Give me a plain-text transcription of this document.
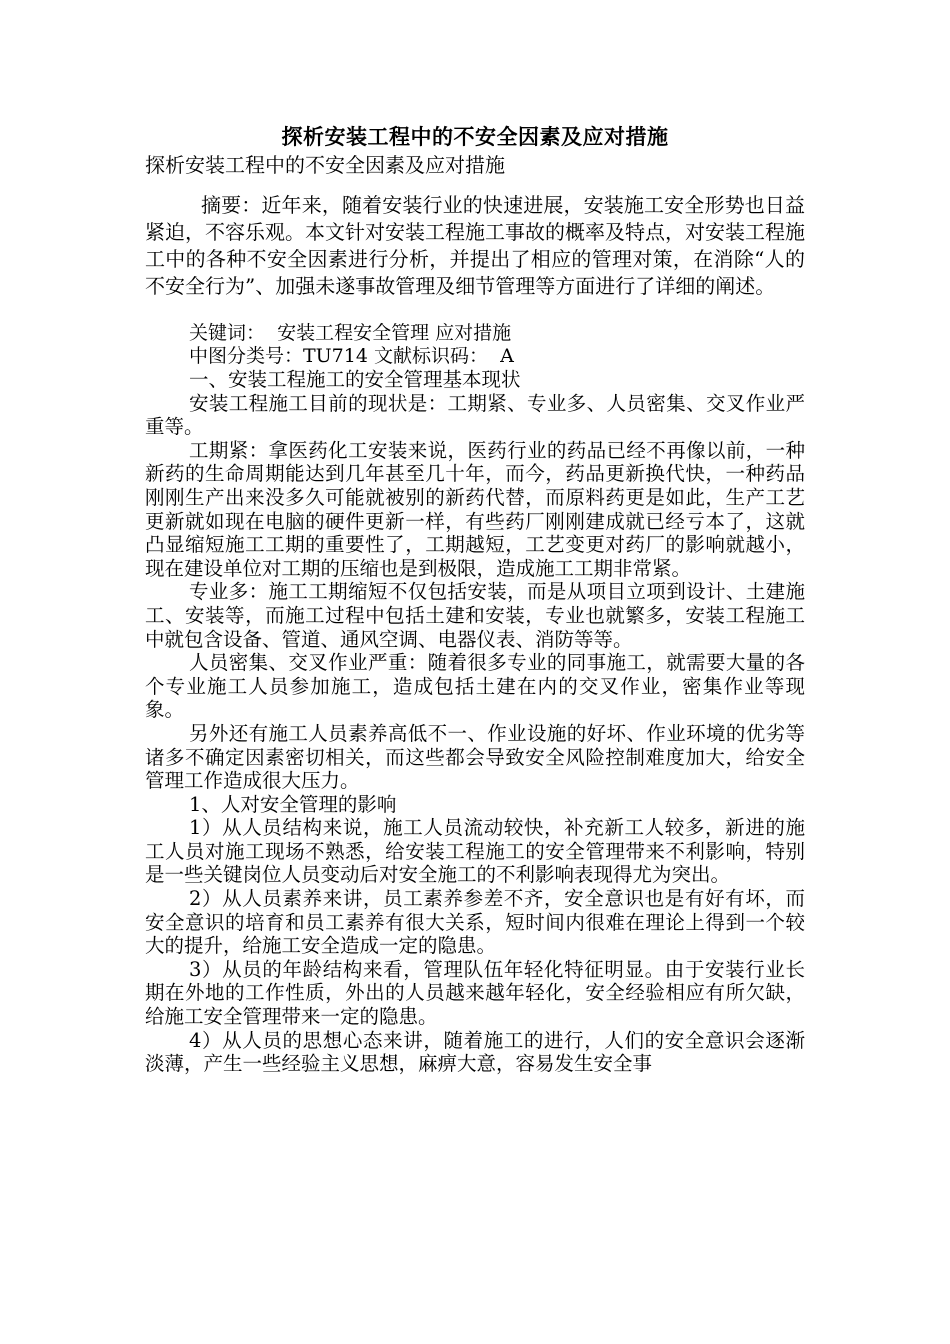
探析安装工程中的不安全因素及应对措施
探析安装工程中的不安全因素及应对措施

摘要：近年来，随着安装行业的快速进展，安装施工安全形势也日益紧迫，不容乐观。本文针对安装工程施工事故的概率及特点，对安装工程施工中的各种不安全因素进行分析，并提出了相应的管理对策，在消除“人的不安全行为”、加强未遂事故管理及细节管理等方面进行了详细的阐述。

关键词：  安装工程安全管理 应对措施
中图分类号：TU714 文献标识码：  A

一、安装工程施工的安全管理基本现状

安装工程施工目前的现状是：工期紧、专业多、人员密集、交叉作业严重等。

工期紧：拿医药化工安装来说，医药行业的药品已经不再像以前，一种新药的生命周期能达到几年甚至几十年，而今，药品更新换代快，一种药品刚刚生产出来没多久可能就被别的新药代替，而原料药更是如此，生产工艺更新就如现在电脑的硬件更新一样，有些药厂刚刚建成就已经亏本了，这就凸显缩短施工工期的重要性了，工期越短，工艺变更对药厂的影响就越小，现在建设单位对工期的压缩也是到极限，造成施工工期非常紧。

专业多：施工工期缩短不仅包括安装，而是从项目立项到设计、土建施工、安装等，而施工过程中包括土建和安装，专业也就繁多，安装工程施工中就包含设备、管道、通风空调、电器仪表、消防等等。

人员密集、交叉作业严重：随着很多专业的同事施工，就需要大量的各个专业施工人员参加施工，造成包括土建在内的交叉作业，密集作业等现象。

另外还有施工人员素养高低不一、作业设施的好坏、作业环境的优劣等诸多不确定因素密切相关，而这些都会导致安全风险控制难度加大，给安全管理工作造成很大压力。

1、人对安全管理的影响

1）从人员结构来说，施工人员流动较快，补充新工人较多，新进的施工人员对施工现场不熟悉，给安装工程施工的安全管理带来不利影响，特别是一些关键岗位人员变动后对安全施工的不利影响表现得尤为突出。

2）从人员素养来讲，员工素养参差不齐，安全意识也是有好有坏，而安全意识的培育和员工素养有很大关系，短时间内很难在理论上得到一个较大的提升，给施工安全造成一定的隐患。

3）从员的年龄结构来看，管理队伍年轻化特征明显。由于安装行业长期在外地的工作性质，外出的人员越来越年轻化，安全经验相应有所欠缺，给施工安全管理带来一定的隐患。

4）从人员的思想心态来讲，随着施工的进行，人们的安全意识会逐渐淡薄，产生一些经验主义思想，麻痹大意，容易发生安全事
